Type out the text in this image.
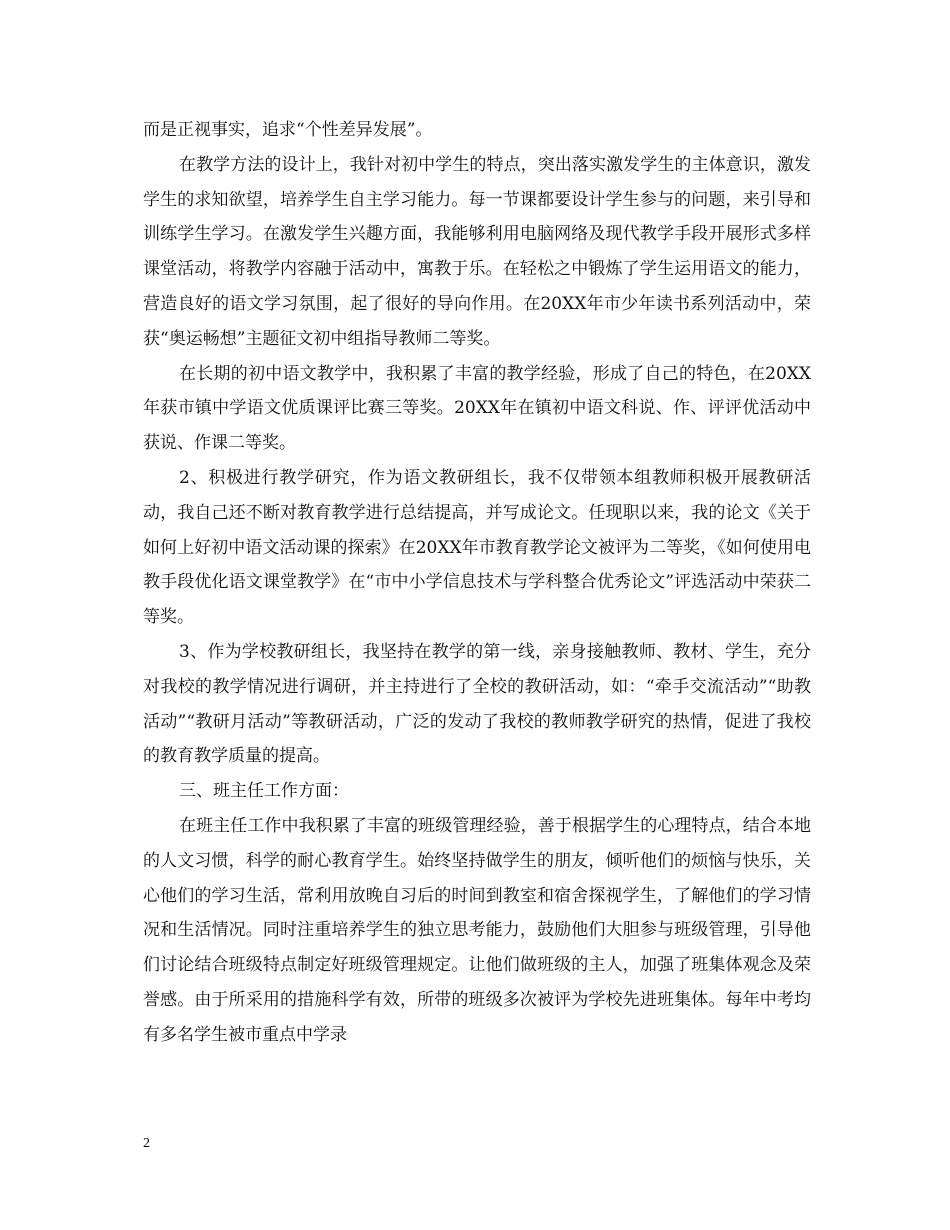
而是正视事实，追求“个性差异发展”。

在教学方法的设计上，我针对初中学生的特点，突出落实激发学生的主体意识，激发学生的求知欲望，培养学生自主学习能力。每一节课都要设计学生参与的问题，来引导和训练学生学习。在激发学生兴趣方面，我能够利用电脑网络及现代教学手段开展形式多样课堂活动，将教学内容融于活动中，寓教于乐。在轻松之中锻炼了学生运用语文的能力，营造良好的语文学习氛围，起了很好的导向作用。在20XX年市少年读书系列活动中，荣获“奥运畅想”主题征文初中组指导教师二等奖。

在长期的初中语文教学中，我积累了丰富的教学经验，形成了自己的特色，在20XX年获市镇中学语文优质课评比赛三等奖。20XX年在镇初中语文科说、作、评评优活动中获说、作课二等奖。

2、积极进行教学研究，作为语文教研组长，我不仅带领本组教师积极开展教研活动，我自己还不断对教育教学进行总结提高，并写成论文。任现职以来，我的论文《关于如何上好初中语文活动课的探索》在20XX年市教育教学论文被评为二等奖，《如何使用电教手段优化语文课堂教学》在“市中小学信息技术与学科整合优秀论文”评选活动中荣获二等奖。

3、作为学校教研组长，我坚持在教学的第一线，亲身接触教师、教材、学生，充分对我校的教学情况进行调研，并主持进行了全校的教研活动，如：“牵手交流活动”“助教活动”“教研月活动”等教研活动，广泛的发动了我校的教师教学研究的热情，促进了我校的教育教学质量的提高。

三、班主任工作方面：

在班主任工作中我积累了丰富的班级管理经验，善于根据学生的心理特点，结合本地的人文习惯，科学的耐心教育学生。始终坚持做学生的朋友，倾听他们的烦恼与快乐，关心他们的学习生活，常利用放晚自习后的时间到教室和宿舍探视学生，了解他们的学习情况和生活情况。同时注重培养学生的独立思考能力，鼓励他们大胆参与班级管理，引导他们讨论结合班级特点制定好班级管理规定。让他们做班级的主人，加强了班集体观念及荣誉感。由于所采用的措施科学有效，所带的班级多次被评为学校先进班集体。每年中考均有多名学生被市重点中学录

2
